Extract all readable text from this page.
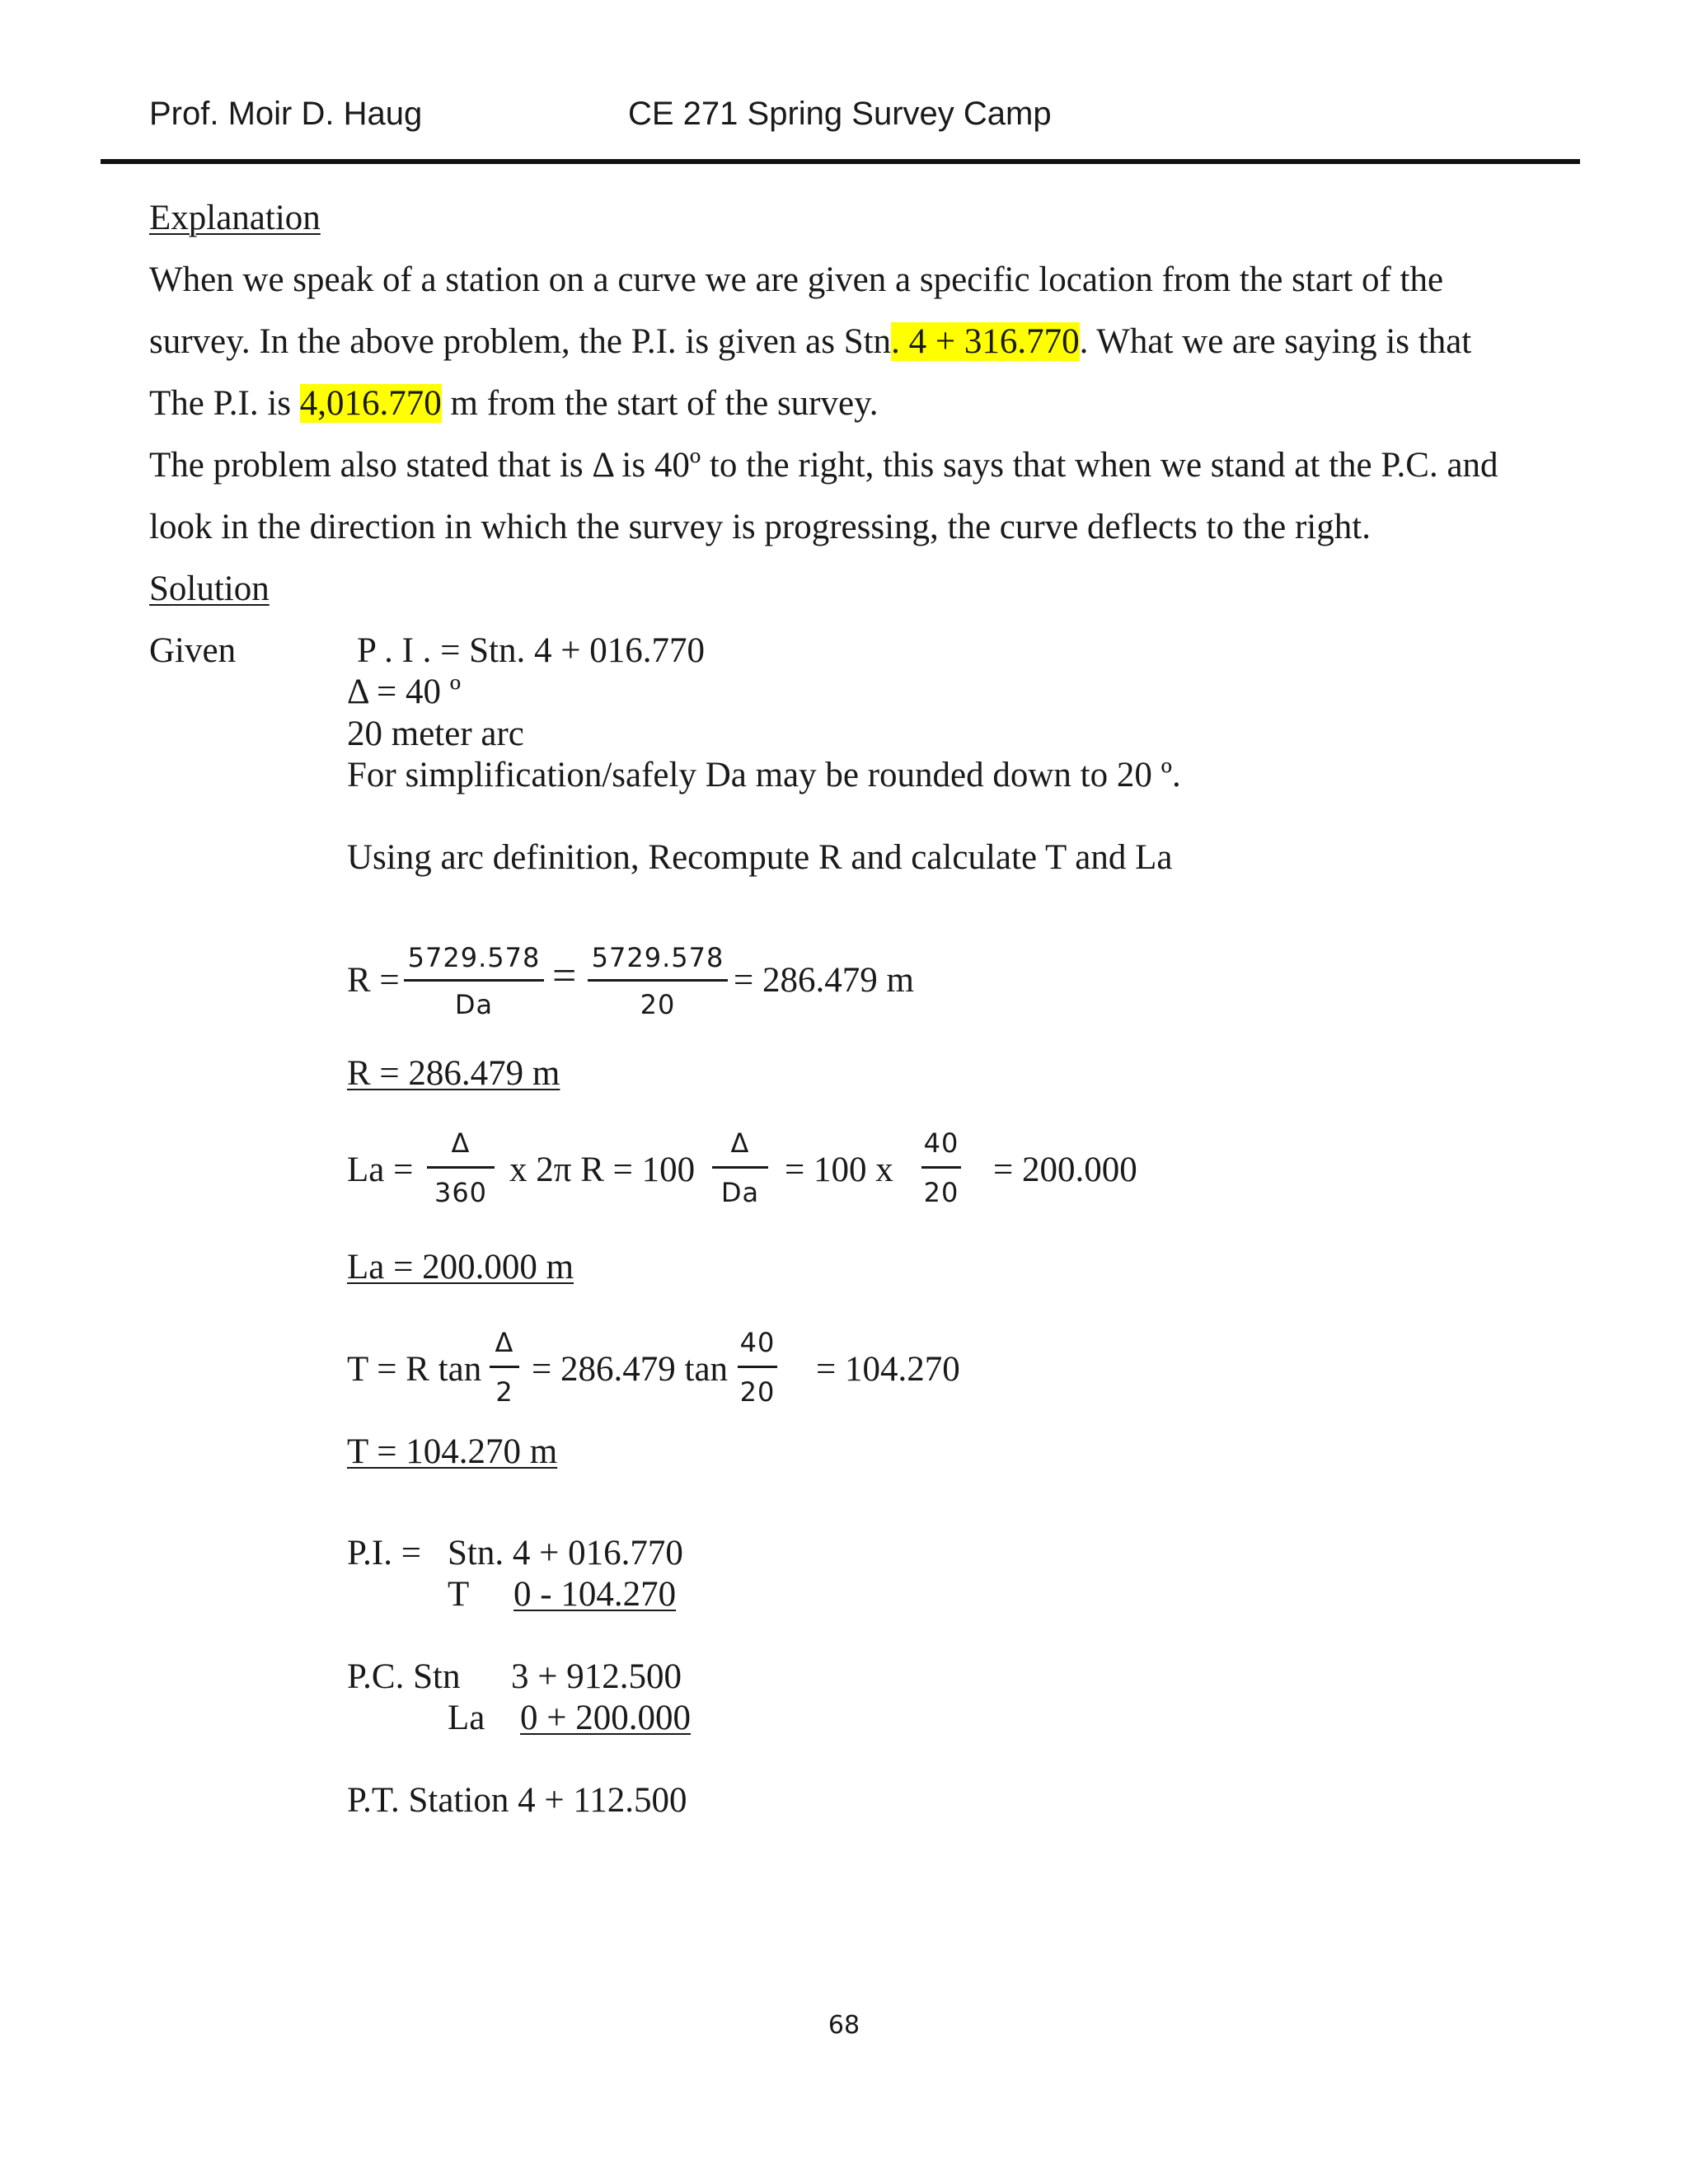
Prof. Moir D. Haug	CE 271 Spring Survey Camp
Explanation
When we speak of a station on a curve we are given a specific location from the start of the
survey. In the above problem, the P.I. is given as Stn. 4 + 316.770. What we are saying is that
The P.I. is 4,016.770 m from the start of the survey.
The problem also stated that is Δ is 40º to the right, this says that when we stand at the P.C. and
look in the direction in which the survey is progressing, the curve deflects to the right.
Solution
Given	P . I . = Stn. 4 + 016.770
Δ = 40 º
20 meter arc
For simplification/safely Da may be rounded down to 20 º.
Using arc definition, Recompute R and calculate T and La
R =
5729.578
Da
= 5729.578
20
= 286.479 m
R = 286.479 m
La =
Δ
360
x 2π R = 100
Δ
Da
= 100 x
40
20
= 200.000
La = 200.000 m
T = R tan
Δ
2
= 286.479 tan
40
20
= 104.270
T = 104.270 m
P.I. = Stn. 4 + 016.770
T 0 - 104.270
P.C. Stn 3 + 912.500
La 0 + 200.000
P.T. Station 4 + 112.500
68
